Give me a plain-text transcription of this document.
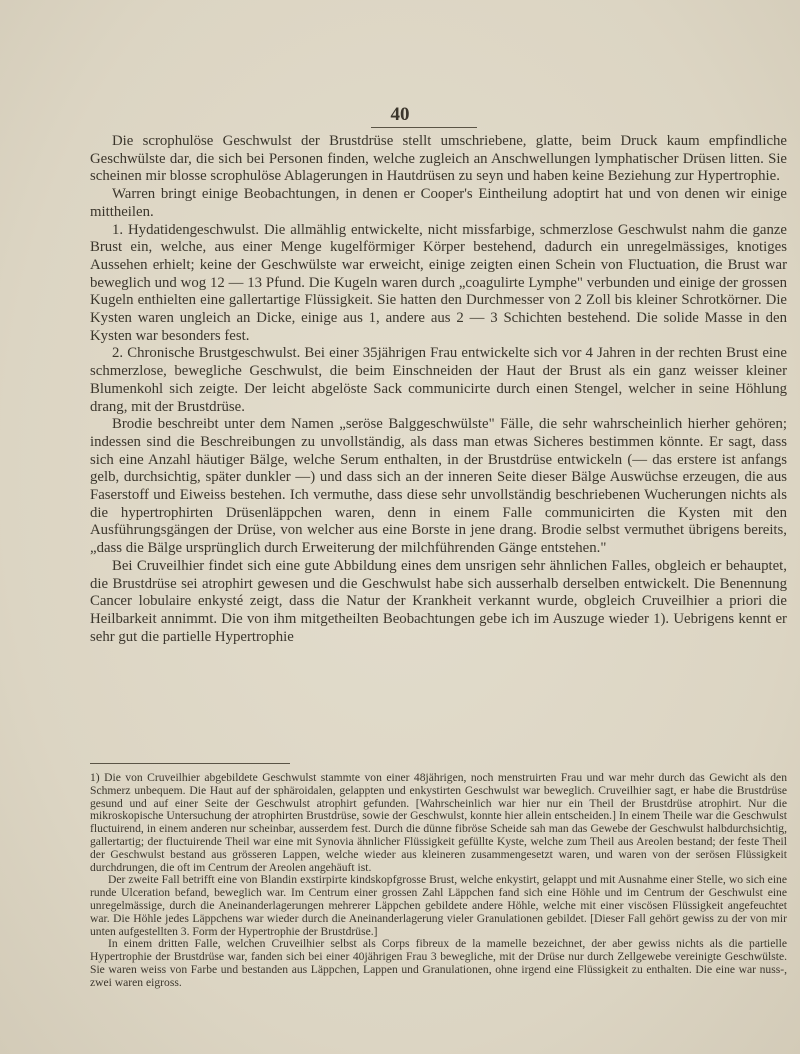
40

Die scrophulöse Geschwulst der Brustdrüse stellt umschriebene, glatte, beim Druck kaum empfindliche Geschwülste dar, die sich bei Personen finden, welche zugleich an Anschwellungen lymphatischer Drüsen litten. Sie scheinen mir blosse scrophulöse Ablagerungen in Hautdrüsen zu seyn und haben keine Beziehung zur Hypertrophie.

Warren bringt einige Beobachtungen, in denen er Cooper's Eintheilung adoptirt hat und von denen wir einige mittheilen.

1. Hydatidengeschwulst. Die allmählig entwickelte, nicht missfarbige, schmerzlose Geschwulst nahm die ganze Brust ein, welche, aus einer Menge kugelförmiger Körper bestehend, dadurch ein unregelmässiges, knotiges Aussehen erhielt; keine der Geschwülste war erweicht, einige zeigten einen Schein von Fluctuation, die Brust war beweglich und wog 12 — 13 Pfund. Die Kugeln waren durch „coagulirte Lymphe" verbunden und einige der grossen Kugeln enthielten eine gallertartige Flüssigkeit. Sie hatten den Durchmesser von 2 Zoll bis kleiner Schrotkörner. Die Kysten waren ungleich an Dicke, einige aus 1, andere aus 2 — 3 Schichten bestehend. Die solide Masse in den Kysten war besonders fest.

2. Chronische Brustgeschwulst. Bei einer 35jährigen Frau entwickelte sich vor 4 Jahren in der rechten Brust eine schmerzlose, bewegliche Geschwulst, die beim Einschneiden der Haut der Brust als ein ganz weisser kleiner Blumenkohl sich zeigte. Der leicht abgelöste Sack communicirte durch einen Stengel, welcher in seine Höhlung drang, mit der Brustdrüse.

Brodie beschreibt unter dem Namen „seröse Balggeschwülste" Fälle, die sehr wahrscheinlich hierher gehören; indessen sind die Beschreibungen zu unvollständig, als dass man etwas Sicheres bestimmen könnte. Er sagt, dass sich eine Anzahl häutiger Bälge, welche Serum enthalten, in der Brustdrüse entwickeln (— das erstere ist anfangs gelb, durchsichtig, später dunkler —) und dass sich an der inneren Seite dieser Bälge Auswüchse erzeugen, die aus Faserstoff und Eiweiss bestehen. Ich vermuthe, dass diese sehr unvollständig beschriebenen Wucherungen nichts als die hypertrophirten Drüsenläppchen waren, denn in einem Falle communicirten die Kysten mit den Ausführungsgängen der Drüse, von welcher aus eine Borste in jene drang. Brodie selbst vermuthet übrigens bereits, „dass die Bälge ursprünglich durch Erweiterung der milchführenden Gänge entstehen."

Bei Cruveilhier findet sich eine gute Abbildung eines dem unsrigen sehr ähnlichen Falles, obgleich er behauptet, die Brustdrüse sei atrophirt gewesen und die Geschwulst habe sich ausserhalb derselben entwickelt. Die Benennung Cancer lobulaire enkysté zeigt, dass die Natur der Krankheit verkannt wurde, obgleich Cruveilhier a priori die Heilbarkeit annimmt. Die von ihm mitgetheilten Beobachtungen gebe ich im Auszuge wieder 1). Uebrigens kennt er sehr gut die partielle Hypertrophie

1) Die von Cruveilhier abgebildete Geschwulst stammte von einer 48jährigen, noch menstruirten Frau und war mehr durch das Gewicht als den Schmerz unbequem. Die Haut auf der sphäroidalen, gelappten und enkystirten Geschwulst war beweglich. Cruveilhier sagt, er habe die Brustdrüse gesund und auf einer Seite der Geschwulst atrophirt gefunden. [Wahrscheinlich war hier nur ein Theil der Brustdrüse atrophirt. Nur die mikroskopische Untersuchung der atrophirten Brustdrüse, sowie der Geschwulst, konnte hier allein entscheiden.] In einem Theile war die Geschwulst fluctuirend, in einem anderen nur scheinbar, ausserdem fest. Durch die dünne fibröse Scheide sah man das Gewebe der Geschwulst halbdurchsichtig, gallertartig; der fluctuirende Theil war eine mit Synovia ähnlicher Flüssigkeit gefüllte Kyste, welche zum Theil aus Areolen bestand; der feste Theil der Geschwulst bestand aus grösseren Lappen, welche wieder aus kleineren zusammengesetzt waren, und waren von der serösen Flüssigkeit durchdrungen, die oft im Centrum der Areolen angehäuft ist.

Der zweite Fall betrifft eine von Blandin exstirpirte kindskopfgrosse Brust, welche enkystirt, gelappt und mit Ausnahme einer Stelle, wo sich eine runde Ulceration befand, beweglich war. Im Centrum einer grossen Zahl Läppchen fand sich eine Höhle und im Centrum der Geschwulst eine unregelmässige, durch die Aneinanderlagerungen mehrerer Läppchen gebildete andere Höhle, welche mit einer viscösen Flüssigkeit angefeuchtet war. Die Höhle jedes Läppchens war wieder durch die Aneinanderlagerung vieler Granulationen gebildet. [Dieser Fall gehört gewiss zu der von mir unten aufgestellten 3. Form der Hypertrophie der Brustdrüse.]

In einem dritten Falle, welchen Cruveilhier selbst als Corps fibreux de la mamelle bezeichnet, der aber gewiss nichts als die partielle Hypertrophie der Brustdrüse war, fanden sich bei einer 40jährigen Frau 3 bewegliche, mit der Drüse nur durch Zellgewebe vereinigte Geschwülste. Sie waren weiss von Farbe und bestanden aus Läppchen, Lappen und Granulationen, ohne irgend eine Flüssigkeit zu enthalten. Die eine war nuss-, zwei waren eigross.
